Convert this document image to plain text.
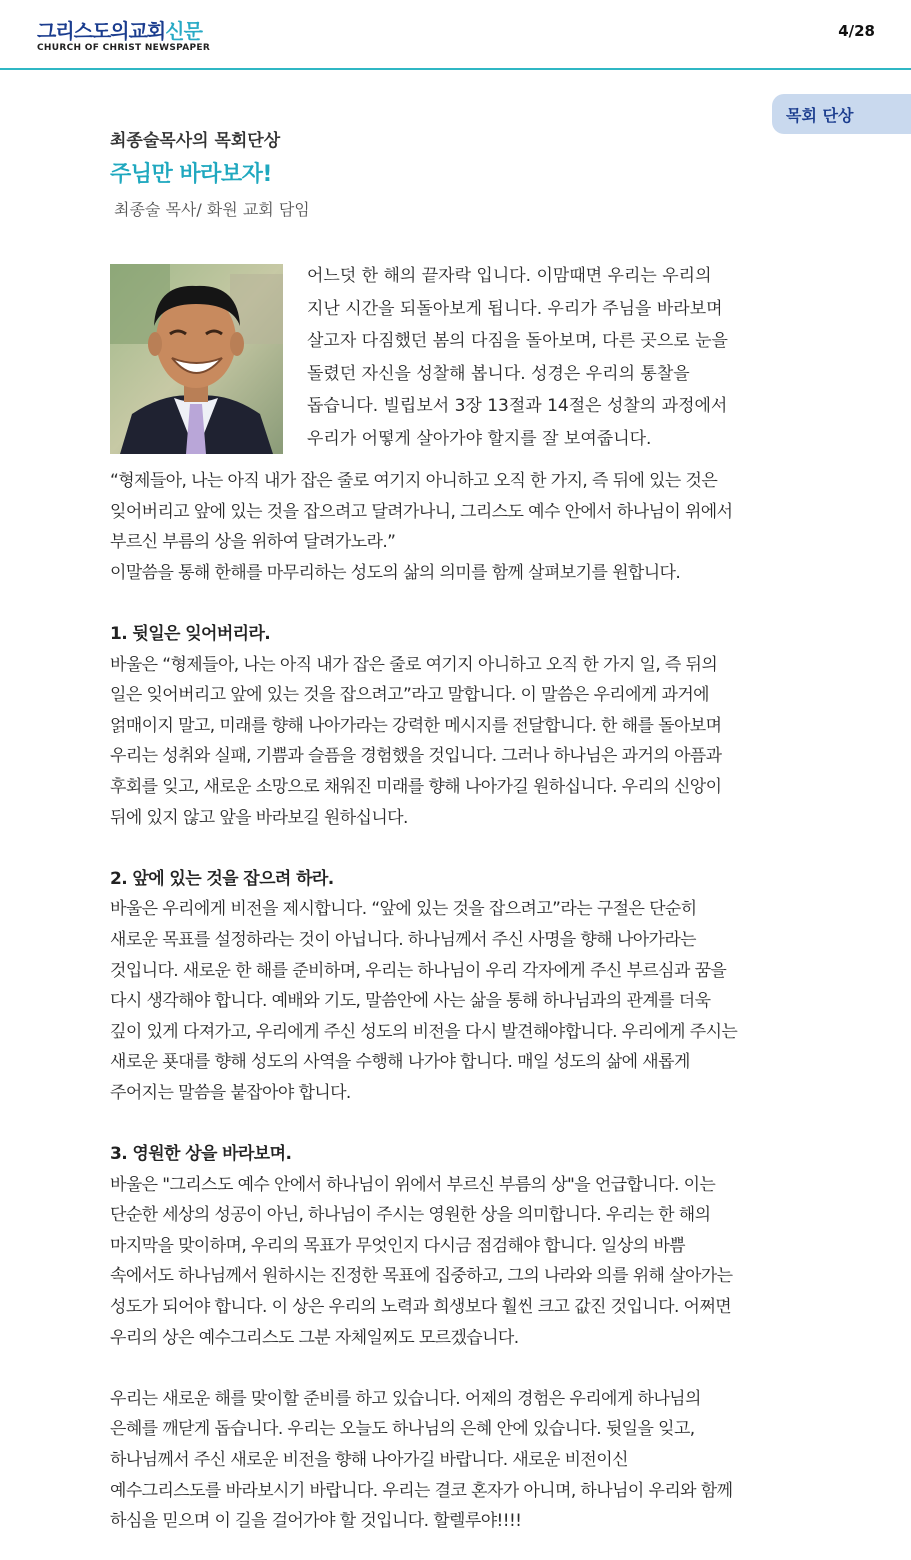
그리스도의교회신문
CHURCH OF CHRIST NEWSPAPER
4/28
목회 단상
최종술목사의 목회단상
주님만 바라보자!
최종술 목사/ 화원 교회 담임
어느덧 한 해의 끝자락 입니다. 이맘때면 우리는 우리의
지난 시간을 되돌아보게 됩니다. 우리가 주님을 바라보며
살고자 다짐했던 봄의 다짐을 돌아보며, 다른 곳으로 눈을
돌렸던 자신을 성찰해 봅니다. 성경은 우리의 통찰을
돕습니다. 빌립보서 3장 13절과 14절은 성찰의 과정에서
우리가 어떻게 살아가야 할지를 잘 보여줍니다.
“형제들아, 나는 아직 내가 잡은 줄로 여기지 아니하고 오직 한 가지, 즉 뒤에 있는 것은
잊어버리고 앞에 있는 것을 잡으려고 달려가나니, 그리스도 예수 안에서 하나님이 위에서
부르신 부름의 상을 위하여 달려가노라.”
이말씀을 통해 한해를 마무리하는 성도의 삶의 의미를 함께 살펴보기를 원합니다.
1. 뒷일은 잊어버리라.
바울은 “형제들아, 나는 아직 내가 잡은 줄로 여기지 아니하고 오직 한 가지 일, 즉 뒤의
일은 잊어버리고 앞에 있는 것을 잡으려고”라고 말합니다. 이 말씀은 우리에게 과거에
얽매이지 말고, 미래를 향해 나아가라는 강력한 메시지를 전달합니다. 한 해를 돌아보며
우리는 성취와 실패, 기쁨과 슬픔을 경험했을 것입니다. 그러나 하나님은 과거의 아픔과
후회를 잊고, 새로운 소망으로 채워진 미래를 향해 나아가길 원하십니다. 우리의 신앙이
뒤에 있지 않고 앞을 바라보길 원하십니다.
2. 앞에 있는 것을 잡으려 하라.
바울은 우리에게 비전을 제시합니다. “앞에 있는 것을 잡으려고”라는 구절은 단순히
새로운 목표를 설정하라는 것이 아닙니다. 하나님께서 주신 사명을 향해 나아가라는
것입니다. 새로운 한 해를 준비하며, 우리는 하나님이 우리 각자에게 주신 부르심과 꿈을
다시 생각해야 합니다. 예배와 기도, 말씀안에 사는 삶을 통해 하나님과의 관계를 더욱
깊이 있게 다져가고, 우리에게 주신 성도의 비전을 다시 발견해야합니다. 우리에게 주시는
새로운 푯대를 향해 성도의 사역을 수행해 나가야 합니다. 매일 성도의 삶에 새롭게
주어지는 말씀을 붙잡아야 합니다.
3. 영원한 상을 바라보며.
바울은 "그리스도 예수 안에서 하나님이 위에서 부르신 부름의 상"을 언급합니다. 이는
단순한 세상의 성공이 아닌, 하나님이 주시는 영원한 상을 의미합니다. 우리는 한 해의
마지막을 맞이하며, 우리의 목표가 무엇인지 다시금 점검해야 합니다. 일상의 바쁨
속에서도 하나님께서 원하시는 진정한 목표에 집중하고, 그의 나라와 의를 위해 살아가는
성도가 되어야 합니다. 이 상은 우리의 노력과 희생보다 훨씬 크고 값진 것입니다. 어쩌면
우리의 상은 예수그리스도 그분 자체일찌도 모르겠습니다.
우리는 새로운 해를 맞이할 준비를 하고 있습니다. 어제의 경험은 우리에게 하나님의
은혜를 깨닫게 돕습니다. 우리는 오늘도 하나님의 은혜 안에 있습니다. 뒷일을 잊고,
하나님께서 주신 새로운 비전을 향해 나아가길 바랍니다. 새로운 비전이신
예수그리스도를 바라보시기 바랍니다. 우리는 결코 혼자가 아니며, 하나님이 우리와 함께
하심을 믿으며 이 길을 걸어가야 할 것입니다. 할렐루야!!!!
